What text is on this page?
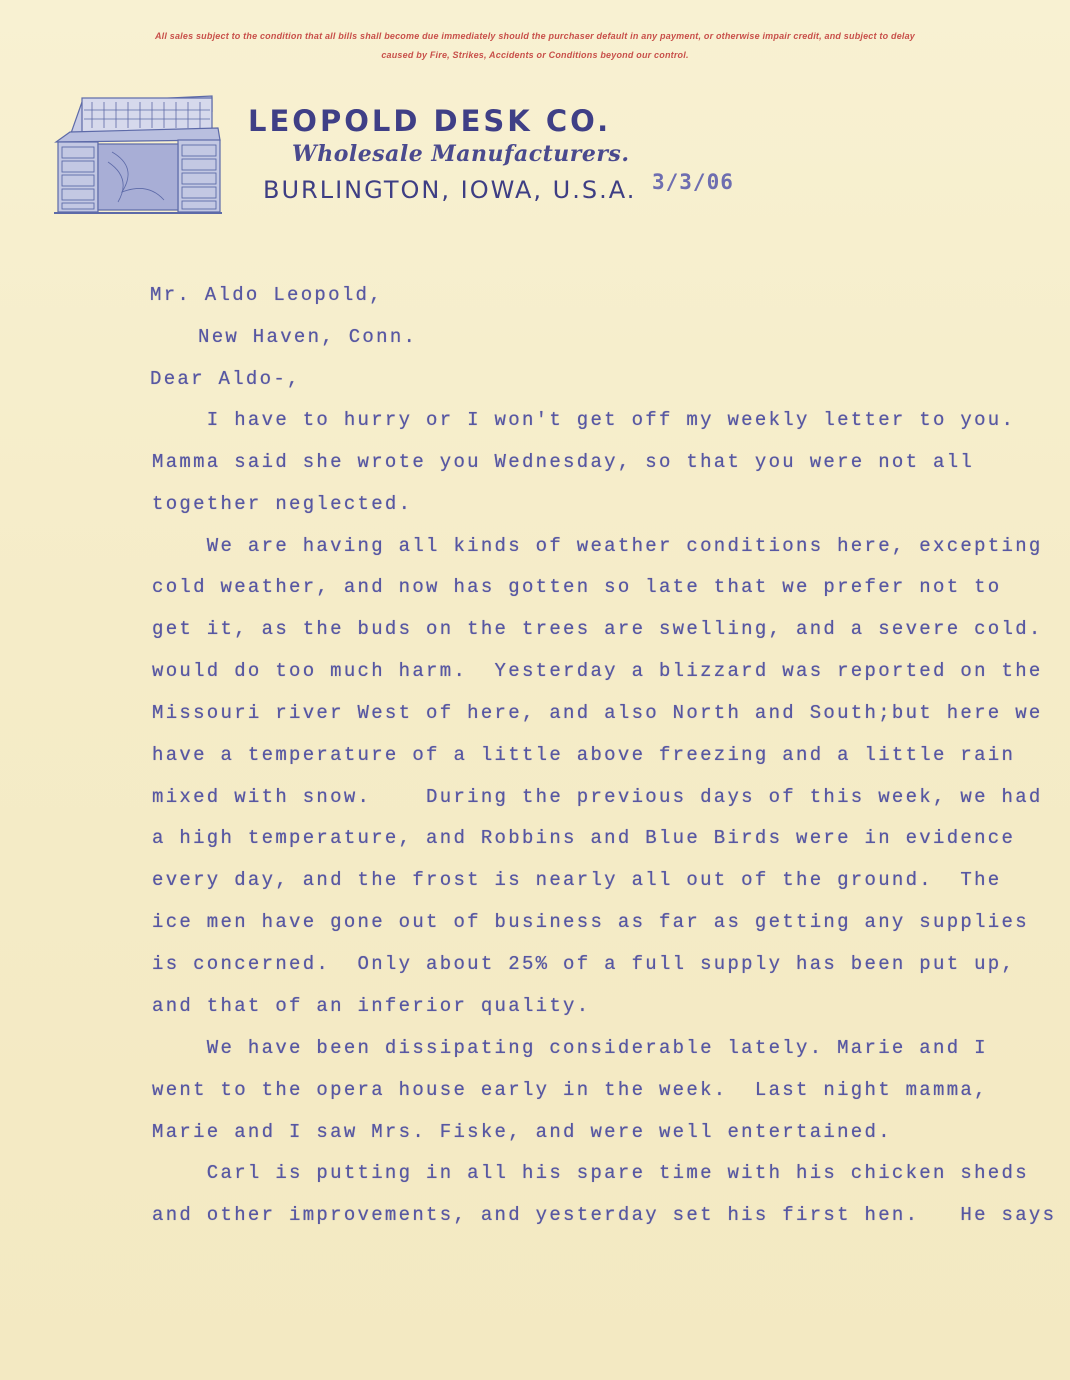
All sales subject to the condition that all bills shall become due immediately should the purchaser default in any payment, or otherwise impair credit, and subject to delay
caused by Fire, Strikes, Accidents or Conditions beyond our control.
LEOPOLD DESK CO.
Wholesale Manufacturers.
BURLINGTON, IOWA, U.S.A. 3/3/06
Mr. Aldo Leopold,
New Haven, Conn.
Dear Aldo-,
I have to hurry or I won't get off my weekly letter to you.
Mamma said she wrote you Wednesday, so that you were not all
together neglected.
We are having all kinds of weather conditions here, excepting
cold weather, and now has gotten so late that we prefer not to
get it, as the buds on the trees are swelling, and a severe cold.
would do too much harm.  Yesterday a blizzard was reported on the
Missouri river West of here, and also North and South;but here we
have a temperature of a little above freezing and a little rain
mixed with snow.    During the previous days of this week, we had
a high temperature, and Robbins and Blue Birds were in evidence
every day, and the frost is nearly all out of the ground.  The
ice men have gone out of business as far as getting any supplies
is concerned.  Only about 25% of a full supply has been put up,
and that of an inferior quality.
We have been dissipating considerable lately. Marie and I
went to the opera house early in the week.  Last night mamma,
Marie and I saw Mrs. Fiske, and were well entertained.
Carl is putting in all his spare time with his chicken sheds
and other improvements, and yesterday set his first hen.   He says
